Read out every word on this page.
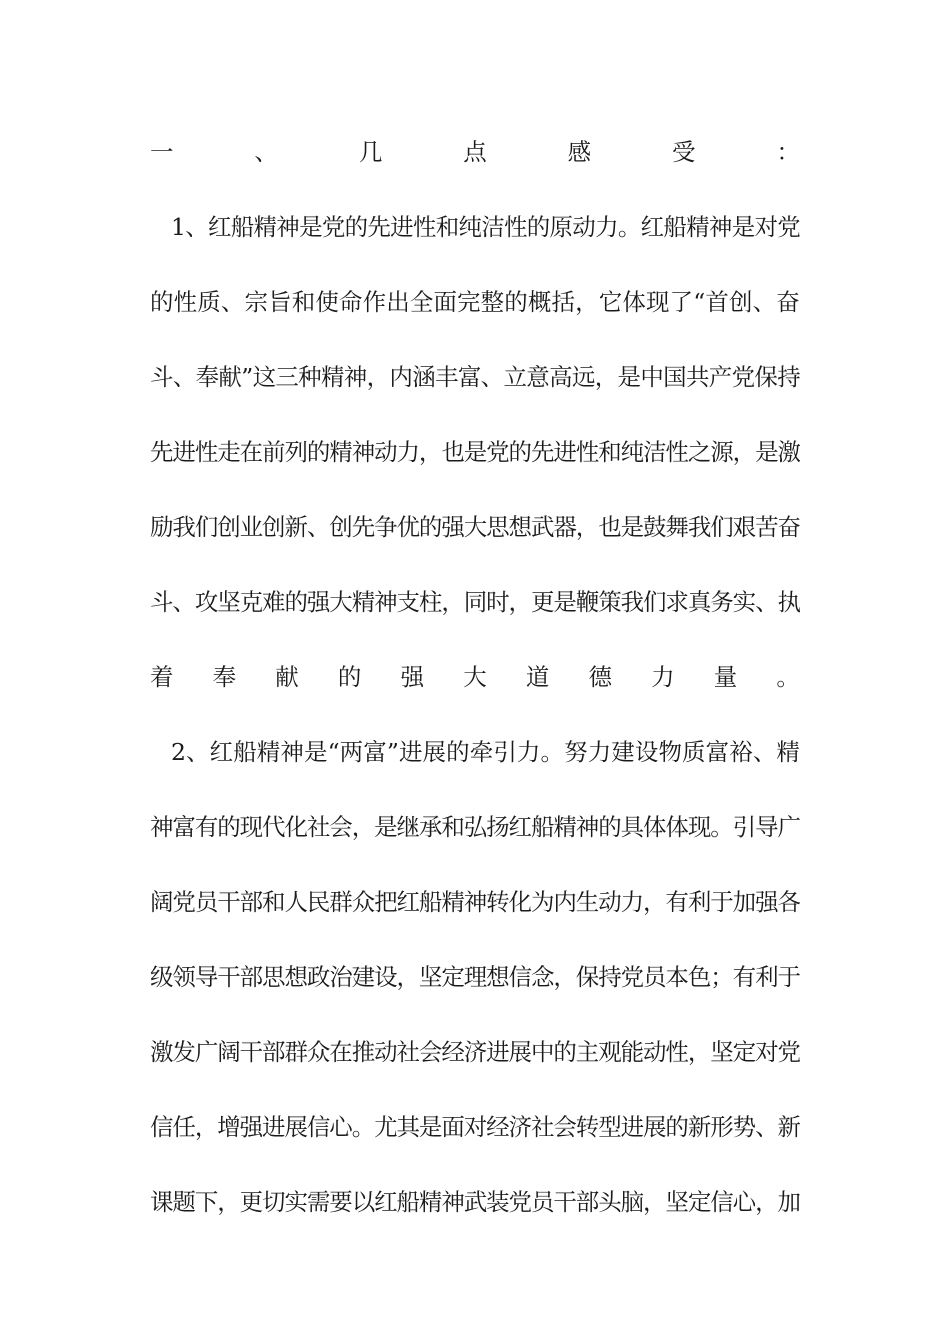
一	、	几	点	感	受	：
1、红船精神是党的先进性和纯洁性的原动力。红船精神是对党
的性质、宗旨和使命作出全面完整的概括，它体现了“首创、奋
斗、奉献”这三种精神，内涵丰富、立意高远，是中国共产党保持
先进性走在前列的精神动力，也是党的先进性和纯洁性之源，是激
励我们创业创新、创先争优的强大思想武器，也是鼓舞我们艰苦奋
斗、攻坚克难的强大精神支柱，同时，更是鞭策我们求真务实、执
着 奉 献 的 强 大 道 德 力 量 。
2、红船精神是“两富”进展的牵引力。努力建设物质富裕、精
神富有的现代化社会，是继承和弘扬红船精神的具体体现。引导广
阔党员干部和人民群众把红船精神转化为内生动力，有利于加强各
级领导干部思想政治建设，坚定理想信念，保持党员本色；有利于
激发广阔干部群众在推动社会经济进展中的主观能动性，坚定对党
信任，增强进展信心。尤其是面对经济社会转型进展的新形势、新
课题下，更切实需要以红船精神武装党员干部头脑，坚定信心，加
